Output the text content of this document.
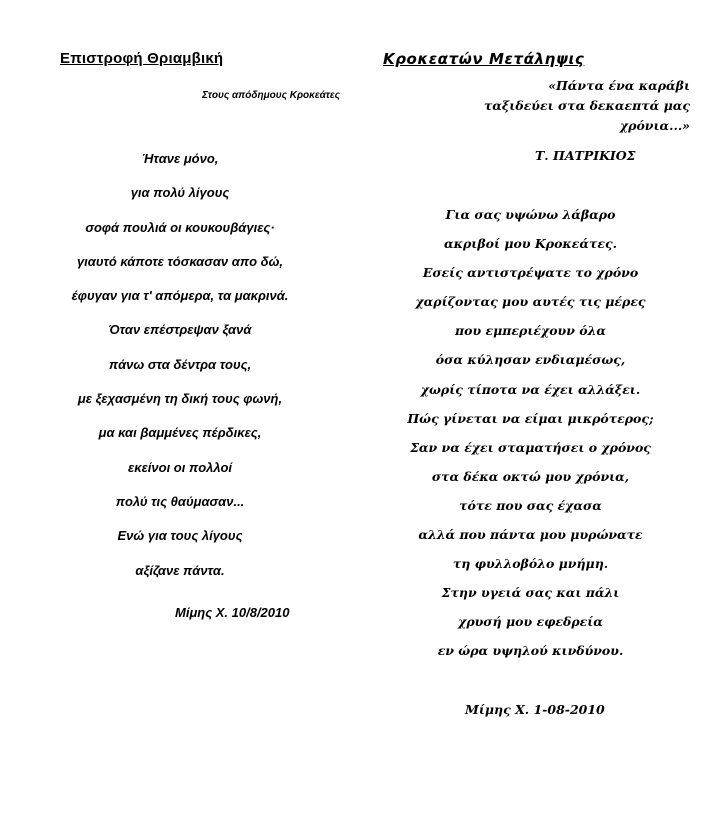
Επιστροφή Θριαμβική
Στους απόδημους Κροκεάτες
Ήτανε μόνο,
για πολύ λίγους
σοφά πουλιά οι κουκουβάγιες·
γιαυτό κάποτε τόσκασαν απο δώ,
έφυγαν για τ' απόμερα, τα μακρινά.
Όταν επέστρεψαν ξανά
πάνω στα δέντρα τους,
με ξεχασμένη τη δική τους φωνή,
μα και βαμμένες πέρδικες,
εκείνοι οι πολλοί
πολύ τις θαύμασαν...
Ενώ για τους λίγους
αξίζανε πάντα.
Μίμης Χ. 10/8/2010
Κροκεατών Μετάληψις
«Πάντα ένα καράβι
ταξιδεύει στα δεκαεπτά μας
χρόνια...»
Τ. ΠΑΤΡΙΚΙΟΣ
Για σας υψώνω λάβαρο
ακριβοί μου Κροκεάτες.
Εσείς αντιστρέψατε το χρόνο
χαρίζοντας μου αυτές τις μέρες
που εμπεριέχουν όλα
όσα κύλησαν ενδιαμέσως,
χωρίς τίποτα να έχει αλλάξει.
Πώς γίνεται να είμαι μικρότερος;
Σαν να έχει σταματήσει ο χρόνος
στα δέκα οκτώ μου χρόνια,
τότε που σας έχασα
αλλά που πάντα μου μυρώνατε
τη φυλλοβόλο μνήμη.
Στην υγειά σας και πάλι
χρυσή μου εφεδρεία
εν ώρα υψηλού κινδύνου.
Μίμης Χ. 1-08-2010
